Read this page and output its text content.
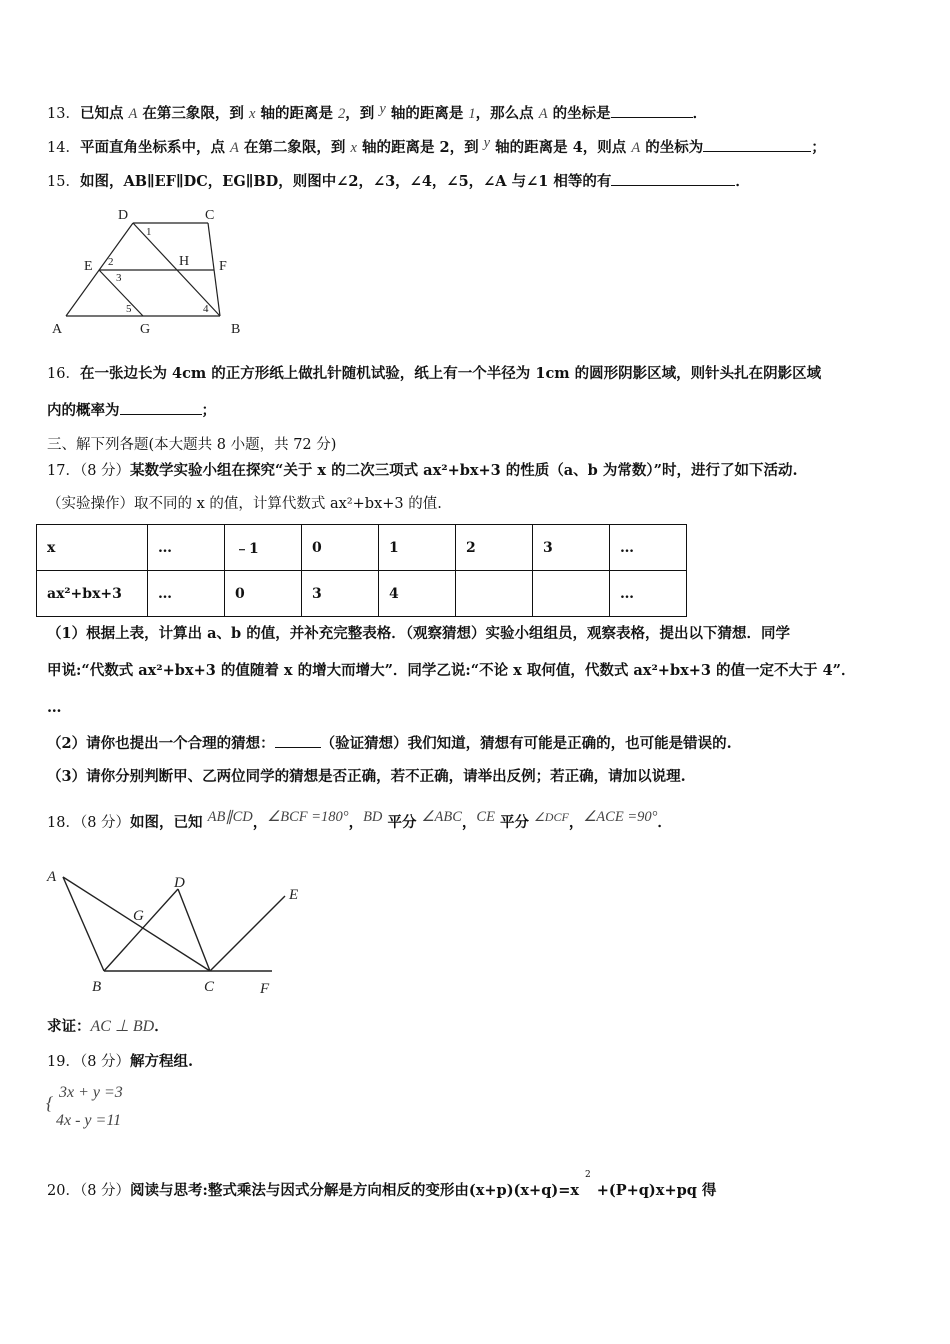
13．已知点 A 在第三象限，到 x 轴的距离是 2，到 y 轴的距离是 1，那么点 A 的坐标是	．
14．平面直角坐标系中，点 A 在第二象限，到 x 轴的距离是 2，到 y 轴的距离是 4，则点 A 的坐标为	；
15．如图，AB∥EF∥DC，EG∥BD，则图中∠2，∠3，∠4，∠5，∠A 与∠1 相等的有	．
D	C
E	H F
A	G	B
1
2
3
4
5
16．在一张边长为 4cm 的正方形纸上做扎针随机试验，纸上有一个半径为 1cm 的圆形阴影区域，则针头扎在阴影区域
内的概率为	；
三、解下列各题(本大题共 8 小题，共 72 分)
17．（8 分）某数学实验小组在探究“关于 x 的二次三项式 ax²+bx+3 的性质（a、b 为常数）”时，进行了如下活动.
（实验操作）取不同的 x 的值，计算代数式 ax²+bx+3 的值.
x	…	﹣1	0	1	2	3	…
ax²+bx+3	…	0	3	4			…
（1）根据上表，计算出 a、b 的值，并补充完整表格．（观察猜想）实验小组组员，观察表格，提出以下猜想．同学
甲说:“代数式 ax²+bx+3 的值随着 x 的增大而增大”．同学乙说:“不论 x 取何值，代数式 ax²+bx+3 的值一定不大于 4”．
…
（2）请你也提出一个合理的猜想：	（验证猜想）我们知道，猜想有可能是正确的，也可能是错误的.
（3）请你分别判断甲、乙两位同学的猜想是否正确，若不正确，请举出反例；若正确，请加以说理.
18．（8 分）如图，已知 AB∥CD，∠BCF =180°，BD 平分 ∠ABC，CE 平分 $^{\angle DCF}$，∠ACE =90°．
A	D
G
E
B	C	F
求证：AC ⊥ BD．
19．（8 分）解方程组.
{
3x + y =3
4x - y =11
20．（8 分）阅读与思考:整式乘法与因式分解是方向相反的变形由$(x+p)(x+q)=x^2+(P+q)x+pq$ 得
